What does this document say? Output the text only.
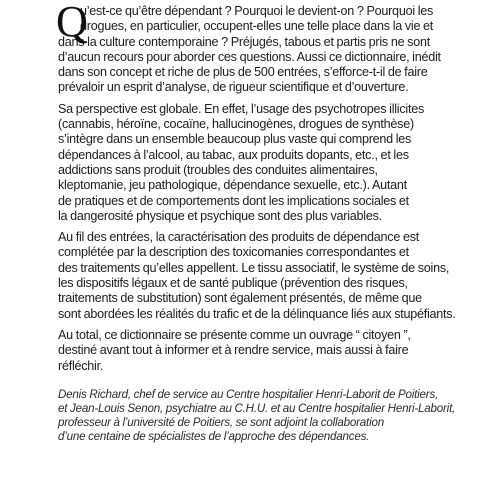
Q
u’est-ce qu’être dépendant ? Pourquoi le devient-on ? Pourquoi les
drogues, en particulier, occupent-elles une telle place dans la vie et
dans la culture contemporaine ? Préjugés, tabous et partis pris ne sont
d’aucun recours pour aborder ces questions. Aussi ce dictionnaire, inédit
dans son concept et riche de plus de 500 entrées, s’efforce-t-il de faire
prévaloir un esprit d’analyse, de rigueur scientifique et d’ouverture.
Sa perspective est globale. En effet, l’usage des psychotropes illicites
(cannabis, héroïne, cocaïne, hallucinogènes, drogues de synthèse)
s’intègre dans un ensemble beaucoup plus vaste qui comprend les
dépendances à l’alcool, au tabac, aux produits dopants, etc., et les
addictions sans produit (troubles des conduites alimentaires,
kleptomanie, jeu pathologique, dépendance sexuelle, etc.). Autant
de pratiques et de comportements dont les implications sociales et
la dangerosité physique et psychique sont des plus variables.
Au fil des entrées, la caractérisation des produits de dépendance est
complétée par la description des toxicomanies correspondantes et
des traitements qu’elles appellent. Le tissu associatif, le système de soins,
les dispositifs légaux et de santé publique (prévention des risques,
traitements de substitution) sont également présentés, de même que
sont abordées les réalités du trafic et de la délinquance liés aux stupéfiants.
Au total, ce dictionnaire se présente comme un ouvrage “ citoyen ”,
destiné avant tout à informer et à rendre service, mais aussi à faire
réfléchir.
Denis Richard, chef de service au Centre hospitalier Henri-Laborit de Poitiers,
et Jean-Louis Senon, psychiatre au C.H.U. et au Centre hospitalier Henri-Laborit,
professeur à l’université de Poitiers, se sont adjoint la collaboration
d’une centaine de spécialistes de l’approche des dépendances.
